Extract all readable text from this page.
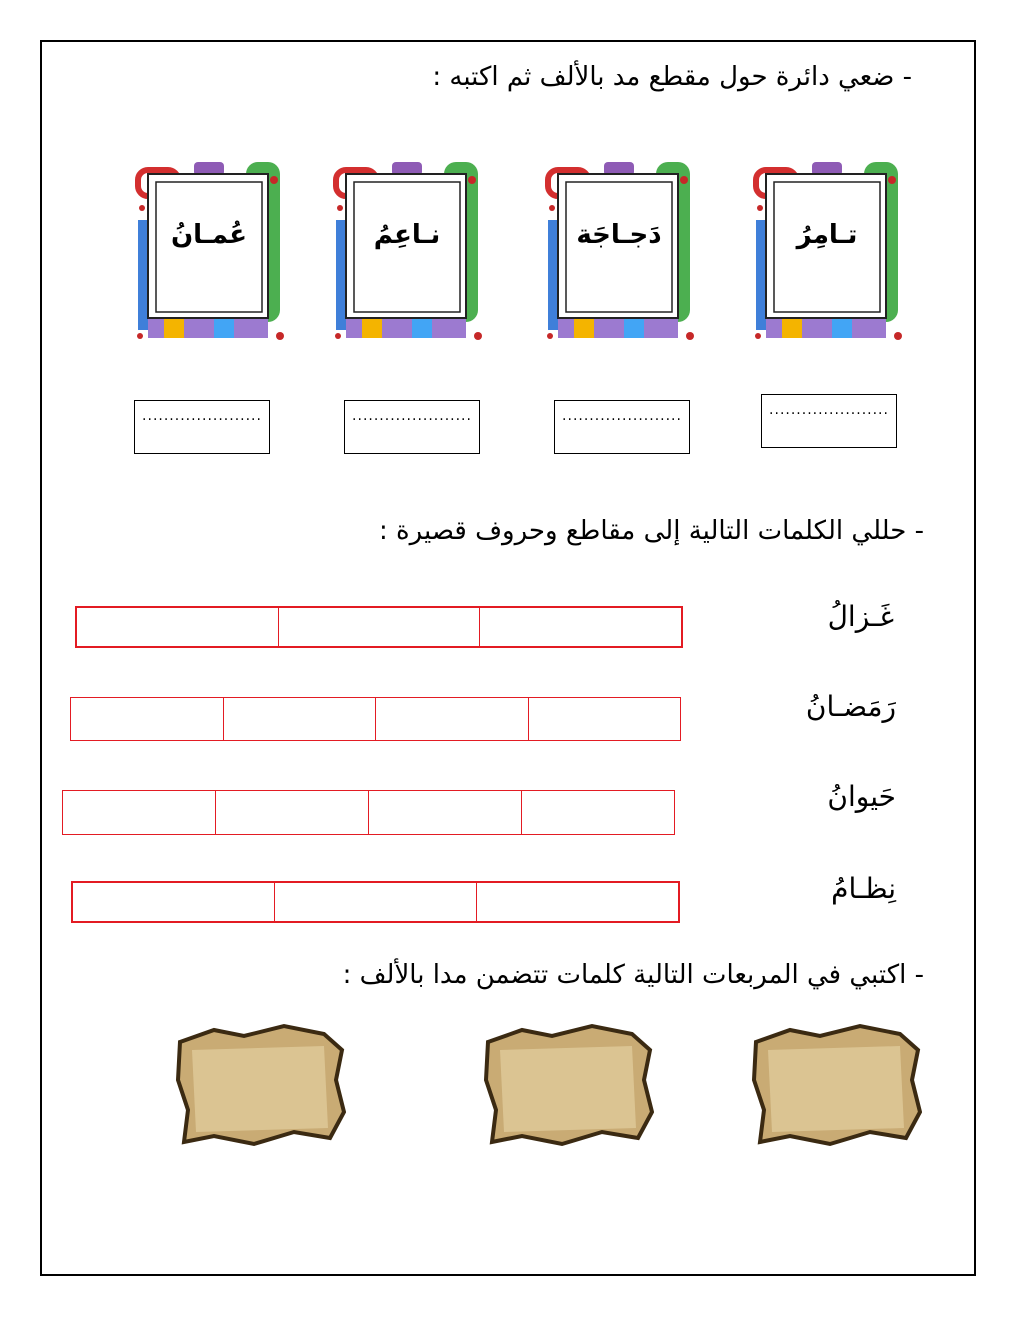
- ضعي دائرة حول مقطع مد بالألف ثم اكتبه :
تـامِرُ
دَجـاجَة
نـاعِمُ
عُمـانُ
......................
......................
......................
......................
- حللي الكلمات التالية إلى مقاطع وحروف قصيرة :
غَـزالُ
رَمَضـانُ
حَيوانُ
نِظـامُ
- اكتبي في المربعات التالية كلمات تتضمن مدا بالألف :
